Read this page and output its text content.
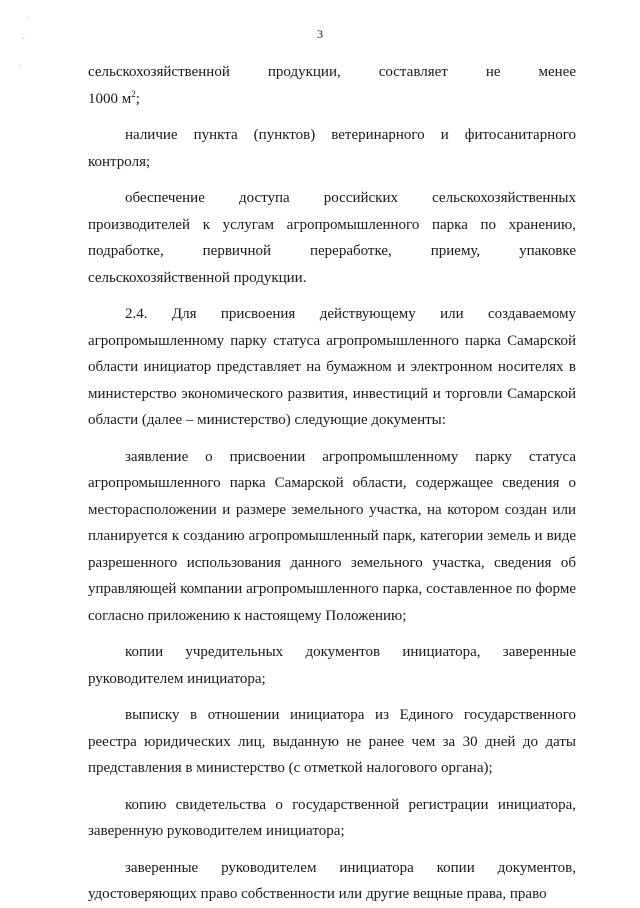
3
·
˙
·	сельскохозяйственной	продукции,	составляет	не	менее
1000 $м^2$;
наличие пункта (пунктов) ветеринарного и фитосанитарного

контроля;

обеспечение доступа российских сельскохозяйственных производителей к услугам агропромышленного парка по хранению, подработке, первичной переработке, приему, упаковке сельскохозяйственной продукции.

2.4. Для присвоения действующему или создаваемому

агропромышленному парку статуса агропромышленного парка Самарской области инициатор представляет на бумажном и электронном носителях в министерство экономического развития, инвестиций и торговли Самарской области (далее – министерство) следующие документы:

заявление о присвоении агропромышленному парку статуса агропромышленного парка Самарской области, содержащее сведения о месторасположении и размере земельного участка, на котором создан или планируется к созданию агропромышленный парк, категории земель и виде разрешенного использования данного земельного участка, сведения об управляющей компании агропромышленного парка, составленное по форме согласно приложению к настоящему Положению;

копии учредительных документов инициатора, заверенные

руководителем инициатора;

выписку в отношении инициатора из Единого государственного реестра юридических лиц, выданную не ранее чем за 30 дней до даты представления в министерство (с отметкой налогового органа);

копию свидетельства о государственной регистрации инициатора, заверенную руководителем инициатора;

заверенные руководителем инициатора копии документов,

удостоверяющих право собственности или другие вещные права, право
